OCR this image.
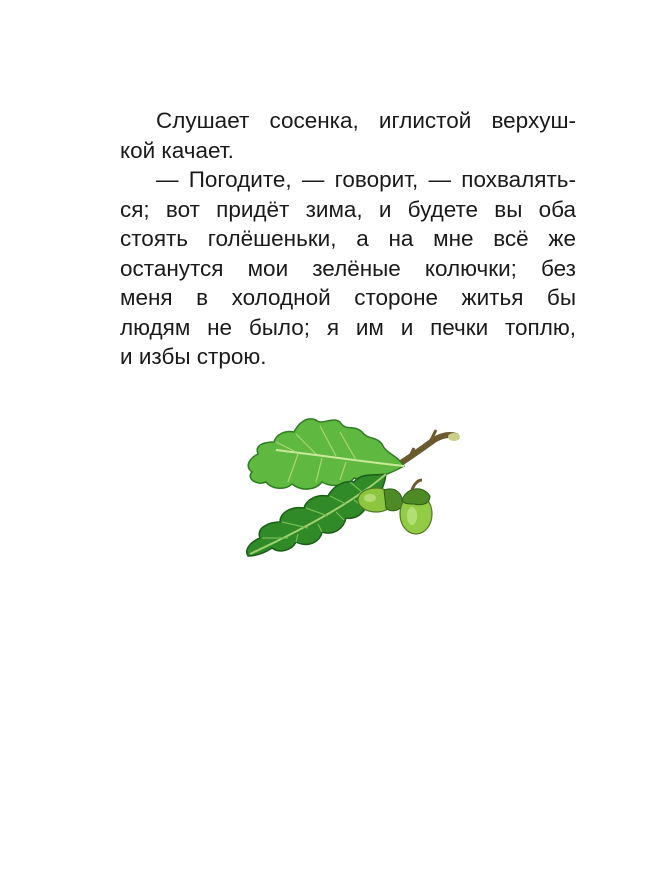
Слушает сосенка, иглистой верхуш-
кой качает.
— Погодите, — говорит, — похвалять-
ся; вот придёт зима, и будете вы оба
стоять голёшеньки, а на мне всё же
останутся мои зелёные колючки; без
меня в холодной стороне житья бы
людям не было; я им и печки топлю,
и избы строю.
